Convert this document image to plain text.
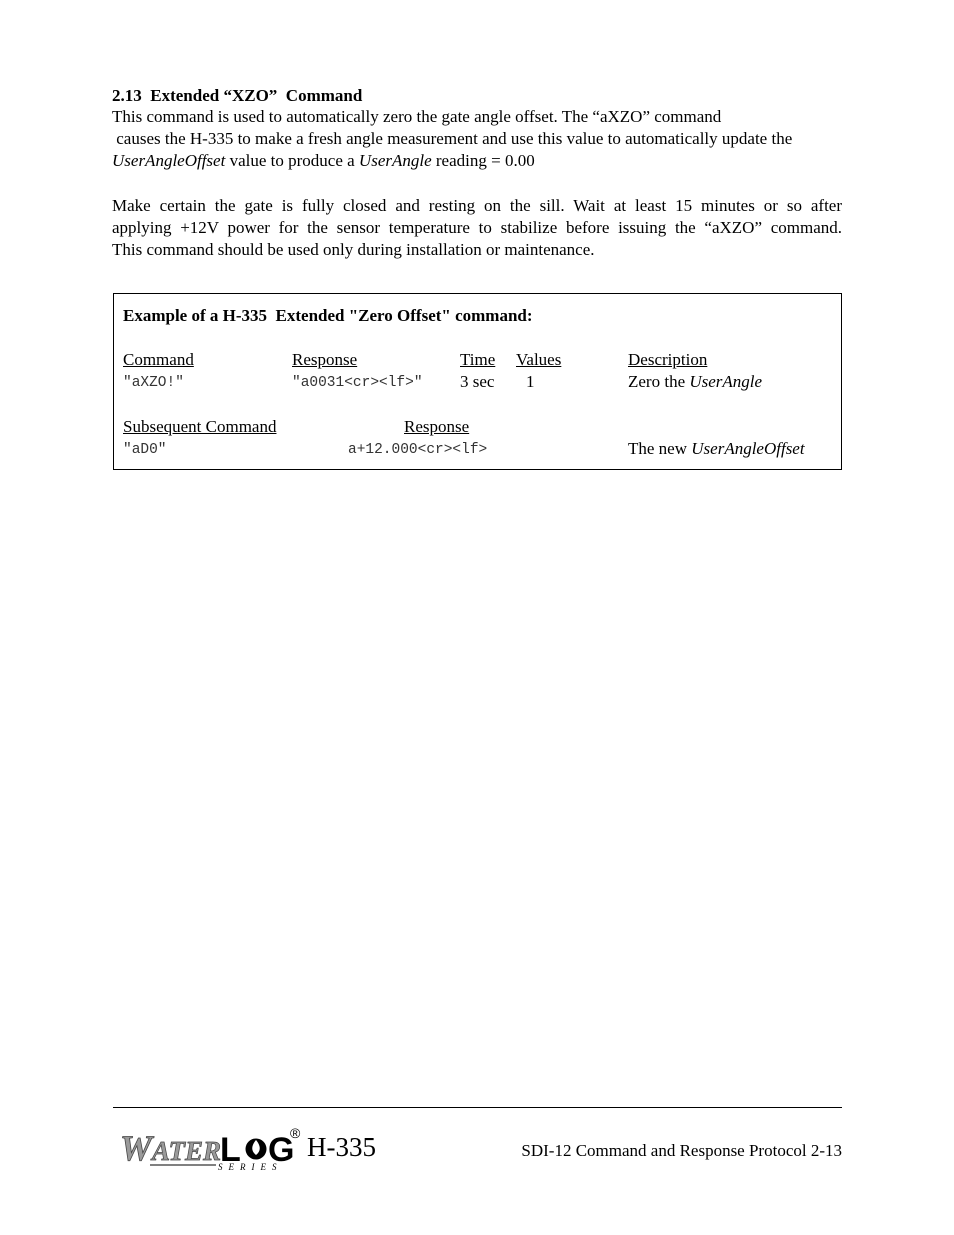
2.13  Extended “XZO”  Command
This command is used to automatically zero the gate angle offset. The “aXZO” command
causes the H-335 to make a fresh angle measurement and use this value to automatically update the
UserAngleOffset value to produce a UserAngle reading = 0.00
Make certain the gate is fully closed and resting on the sill. Wait at least 15 minutes or so after
applying +12V power for the sensor temperature to stabilize before issuing the “aXZO” command.
This command should be used only during installation or maintenance.
Example of a H-335  Extended "Zero Offset" command:
Command	Response	Time Values	Description
"aXZO!"	"a0031<cr><lf>" 3 sec 1	Zero the UserAngle
Subsequent Command	Response
"aD0"	a+12.000<cr><lf>	The new UserAngleOffset
W ATER
L G
®
SERIES
H-335	SDI-12 Command and Response Protocol 2-13
